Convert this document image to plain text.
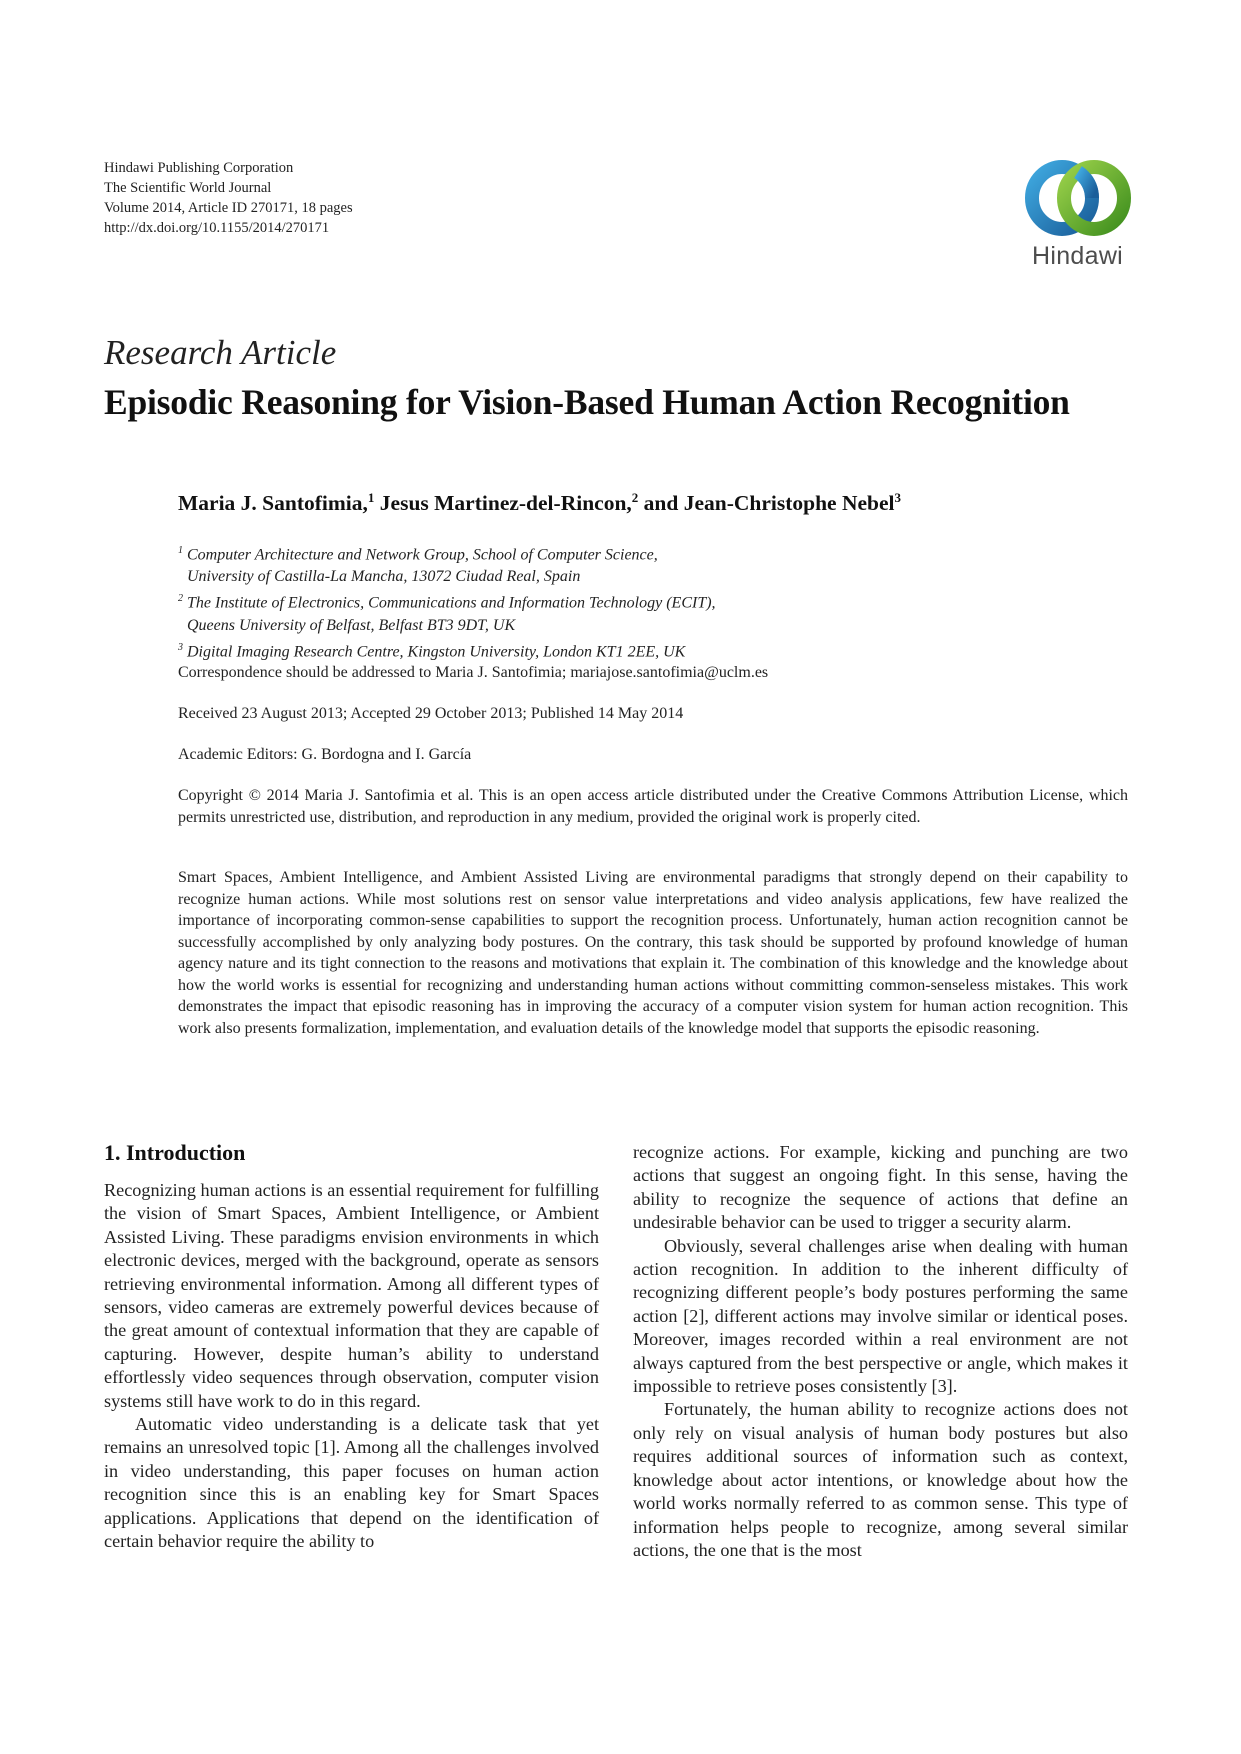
Hindawi Publishing Corporation
The Scientific World Journal
Volume 2014, Article ID 270171, 18 pages
http://dx.doi.org/10.1155/2014/270171
Hindawi
Research Article
Episodic Reasoning for Vision-Based Human Action Recognition
Maria J. Santofimia,$^1$ Jesus Martinez-del-Rincon,$^2$ and Jean-Christophe Nebel$^3$
$^1$ Computer Architecture and Network Group, School of Computer Science,
University of Castilla-La Mancha, 13072 Ciudad Real, Spain
$^2$ The Institute of Electronics, Communications and Information Technology (ECIT),
Queens University of Belfast, Belfast BT3 9DT, UK
$^3$ Digital Imaging Research Centre, Kingston University, London KT1 2EE, UK
Correspondence should be addressed to Maria J. Santofimia; mariajose.santofimia@uclm.es
Received 23 August 2013; Accepted 29 October 2013; Published 14 May 2014
Academic Editors: G. Bordogna and I. García
Copyright © 2014 Maria J. Santofimia et al. This is an open access article distributed under the Creative Commons Attribution License, which permits unrestricted use, distribution, and reproduction in any medium, provided the original work is properly cited.
Smart Spaces, Ambient Intelligence, and Ambient Assisted Living are environmental paradigms that strongly depend on their capability to recognize human actions. While most solutions rest on sensor value interpretations and video analysis applications, few have realized the importance of incorporating common-sense capabilities to support the recognition process. Unfortunately, human action recognition cannot be successfully accomplished by only analyzing body postures. On the contrary, this task should be supported by profound knowledge of human agency nature and its tight connection to the reasons and motivations that explain it. The combination of this knowledge and the knowledge about how the world works is essential for recognizing and understanding human actions without committing common-senseless mistakes. This work demonstrates the impact that episodic reasoning has in improving the accuracy of a computer vision system for human action recognition. This work also presents formalization, implementation, and evaluation details of the knowledge model that supports the episodic reasoning.
1. Introduction

Recognizing human actions is an essential requirement for fulfilling the vision of Smart Spaces, Ambient Intelligence, or Ambient Assisted Living. These paradigms envision environments in which electronic devices, merged with the background, operate as sensors retrieving environmental information. Among all different types of sensors, video cameras are extremely powerful devices because of the great amount of contextual information that they are capable of capturing. However, despite human’s ability to understand effortlessly video sequences through observation, computer vision systems still have work to do in this regard.

Automatic video understanding is a delicate task that yet remains an unresolved topic [1]. Among all the challenges involved in video understanding, this paper focuses on human action recognition since this is an enabling key for Smart Spaces applications. Applications that depend on the identification of certain behavior require the ability to

recognize actions. For example, kicking and punching are two actions that suggest an ongoing fight. In this sense, having the ability to recognize the sequence of actions that define an undesirable behavior can be used to trigger a security alarm.

Obviously, several challenges arise when dealing with human action recognition. In addition to the inherent difficulty of recognizing different people’s body postures performing the same action [2], different actions may involve similar or identical poses. Moreover, images recorded within a real environment are not always captured from the best perspective or angle, which makes it impossible to retrieve poses consistently [3].

Fortunately, the human ability to recognize actions does not only rely on visual analysis of human body postures but also requires additional sources of information such as context, knowledge about actor intentions, or knowledge about how the world works normally referred to as common sense. This type of information helps people to recognize, among several similar actions, the one that is the most
